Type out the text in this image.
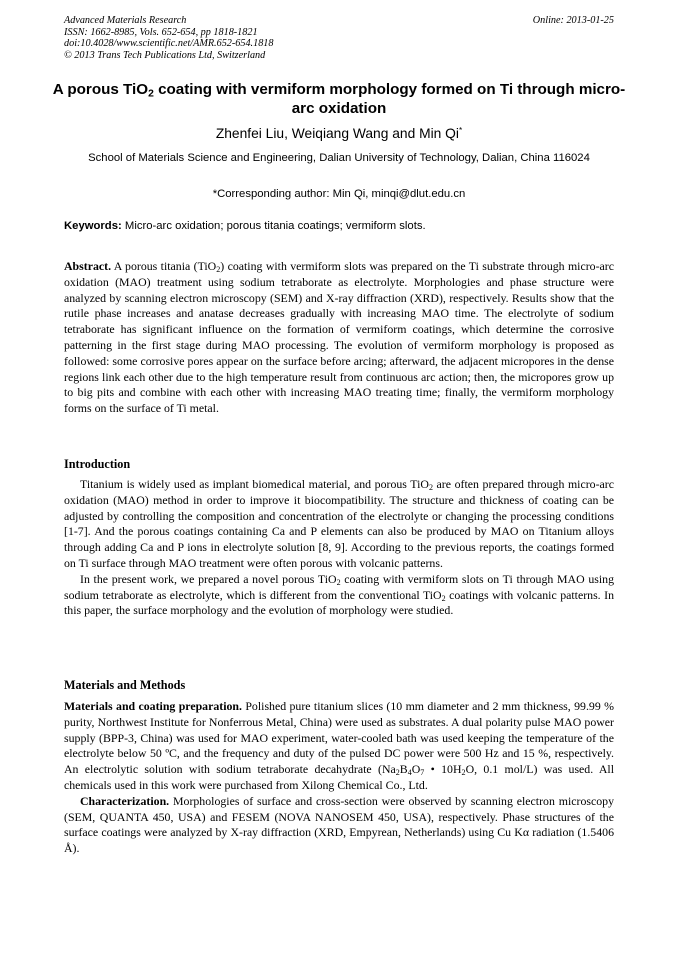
Advanced Materials Research
ISSN: 1662-8985, Vols. 652-654, pp 1818-1821
doi:10.4028/www.scientific.net/AMR.652-654.1818
© 2013 Trans Tech Publications Ltd, Switzerland
Online: 2013-01-25
A porous TiO$_2$ coating with vermiform morphology formed on Ti through micro-arc oxidation
Zhenfei Liu, Weiqiang Wang and Min Qi*
School of Materials Science and Engineering, Dalian University of Technology, Dalian, China 116024
*Corresponding author: Min Qi, minqi@dlut.edu.cn
Keywords: Micro-arc oxidation; porous titania coatings; vermiform slots.

Abstract. A porous titania (TiO$_2$) coating with vermiform slots was prepared on the Ti substrate through micro-arc oxidation (MAO) treatment using sodium tetraborate as electrolyte. Morphologies and phase structure were analyzed by scanning electron microscopy (SEM) and X-ray diffraction (XRD), respectively. Results show that the rutile phase increases and anatase decreases gradually with increasing MAO time. The electrolyte of sodium tetraborate has significant influence on the formation of vermiform coatings, which determine the corrosive patterning in the first stage during MAO processing. The evolution of vermiform morphology is proposed as followed: some corrosive pores appear on the surface before arcing; afterward, the adjacent micropores in the dense regions link each other due to the high temperature result from continuous arc action; then, the micropores grow up to big pits and combine with each other with increasing MAO treating time; finally, the vermiform morphology forms on the surface of Ti metal.

Introduction

Titanium is widely used as implant biomedical material, and porous TiO$_2$ are often prepared through micro-arc oxidation (MAO) method in order to improve it biocompatibility. The structure and thickness of coating can be adjusted by controlling the composition and concentration of the electrolyte or changing the processing conditions [1-7]. And the porous coatings containing Ca and P elements can also be produced by MAO on Titanium alloys through adding Ca and P ions in electrolyte solution [8, 9]. According to the previous reports, the coatings formed on Ti surface through MAO treatment were often porous with volcanic patterns.

In the present work, we prepared a novel porous TiO$_2$ coating with vermiform slots on Ti through MAO using sodium tetraborate as electrolyte, which is different from the conventional TiO$_2$ coatings with volcanic patterns. In this paper, the surface morphology and the evolution of morphology were studied.

Materials and Methods

Materials and coating preparation. Polished pure titanium slices (10 mm diameter and 2 mm thickness, 99.99 % purity, Northwest Institute for Nonferrous Metal, China) were used as substrates. A dual polarity pulse MAO power supply (BPP-3, China) was used for MAO experiment, water-cooled bath was used keeping the temperature of the electrolyte below 50 ºC, and the frequency and duty of the pulsed DC power were 500 Hz and 15 %, respectively. An electrolytic solution with sodium tetraborate decahydrate ($Na_2B_4O_7$ • $10H_2O$, 0.1 mol/L) was used. All chemicals used in this work were purchased from Xilong Chemical Co., Ltd.

Characterization. Morphologies of surface and cross-section were observed by scanning electron microscopy (SEM, QUANTA 450, USA) and FESEM (NOVA NANOSEM 450, USA), respectively. Phase structures of the surface coatings were analyzed by X-ray diffraction (XRD, Empyrean, Netherlands) using Cu Kα radiation (1.5406 Å).
